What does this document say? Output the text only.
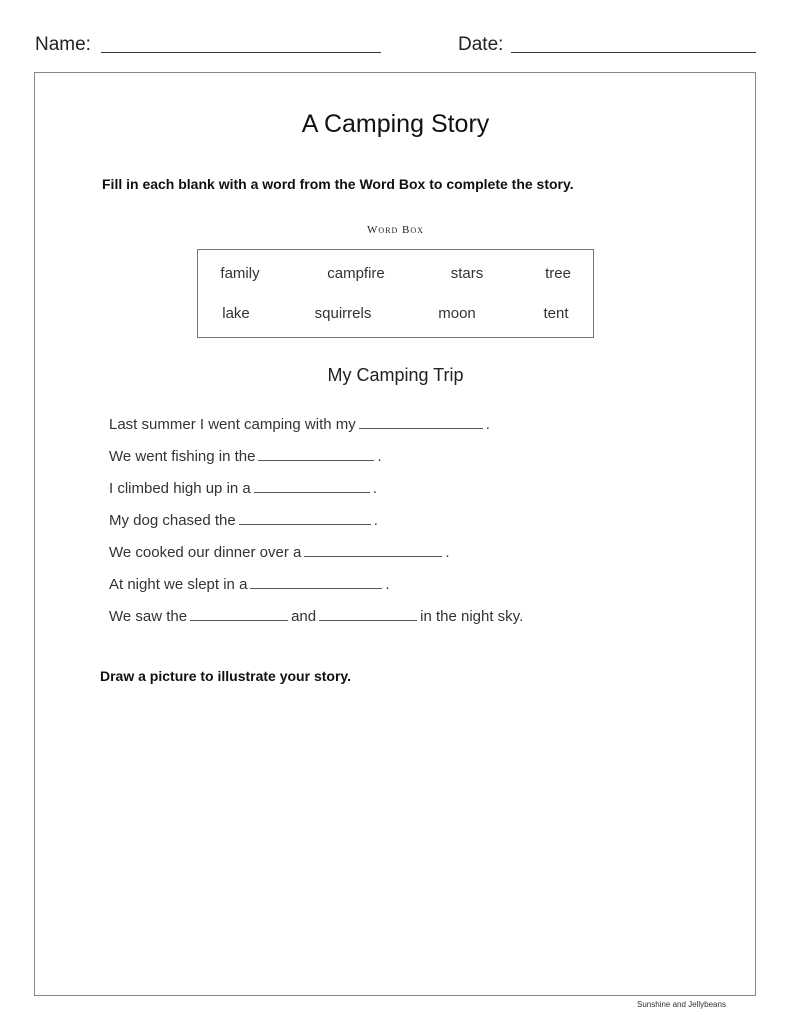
Name:	Date:
A Camping Story
Fill in each blank with a word from the Word Box to complete the story.
Word Box
family	campfire	stars	tree
lake	squirrels	moon	tent
My Camping Trip
Last summer I went camping with my	.
We went fishing in the	.
I climbed high up in a	.
My dog chased the	.
We cooked our dinner over a	.
At night we slept in a	.
We saw the	and	in the night sky.
Draw a picture to illustrate your story.
Sunshine and Jellybeans
